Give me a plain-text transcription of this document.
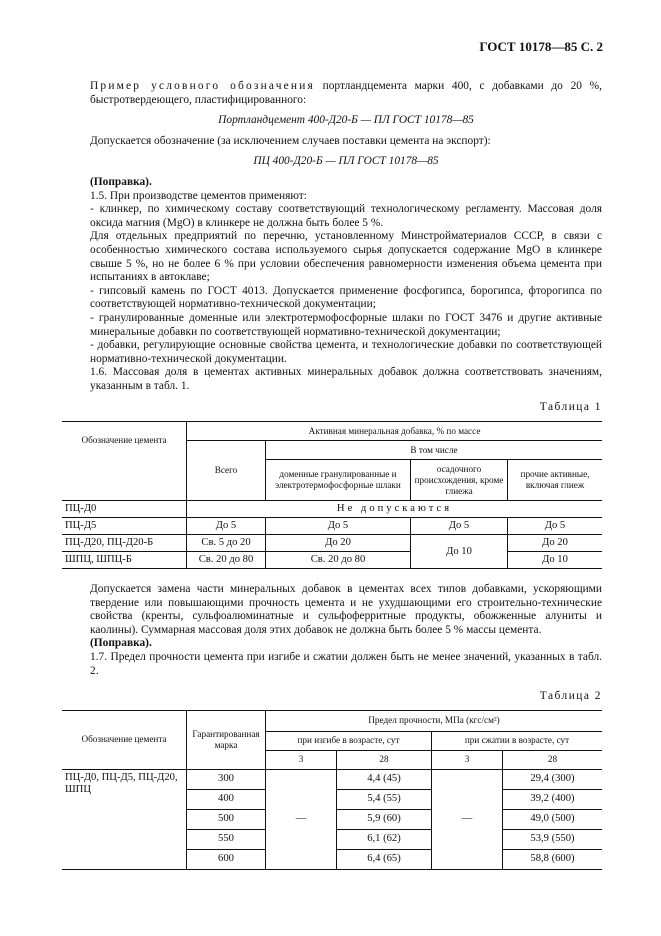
ГОСТ 10178—85 С. 2

Пример условного обозначения портландцемента марки 400, с добавками до 20 %, быстротвердеющего, пластифицированного:

Портландцемент 400-Д20-Б — ПЛ ГОСТ 10178—85

Допускается обозначение (за исключением случаев поставки цемента на экспорт):

ПЦ 400-Д20-Б — ПЛ ГОСТ 10178—85

(Поправка).

1.5. При производстве цементов применяют:

- клинкер, по химическому составу соответствующий технологическому регламенту. Массовая доля оксида магния (MgO) в клинкере не должна быть более 5 %.

Для отдельных предприятий по перечню, установленному Минстройматериалов СССР, в связи с особенностью химического состава используемого сырья допускается содержание MgO в клинкере свыше 5 %, но не более 6 % при условии обеспечения равномерности изменения объема цемента при испытаниях в автоклаве;

- гипсовый камень по ГОСТ 4013. Допускается применение фосфогипса, борогипса, фторогипса по соответствующей нормативно-технической документации;

- гранулированные доменные или электротермофосфорные шлаки по ГОСТ 3476 и другие активные минеральные добавки по соответствующей нормативно-технической документации;

- добавки, регулирующие основные свойства цемента, и технологические добавки по соответствующей нормативно-технической документации.

1.6. Массовая доля в цементах активных минеральных добавок должна соответствовать значениям, указанным в табл. 1.

Таблица 1
Обозначение цемента	Активная минеральная добавка, % по массе			
	Всего	В том числе		
		доменные гранулированные и электротермофосфорные шлаки	осадочного происхождения, кроме глиежа	прочие активные, включая глиеж
ПЦ-Д0	Не допускаются			
ПЦ-Д5	До 5	До 5	До 5	До 5
ПЦ-Д20, ПЦ-Д20-Б	Св. 5 до 20	До 20	До 10	До 20
ШПЦ, ШПЦ-Б	Св. 20 до 80	Св. 20 до 80		До 10

Допускается замена части минеральных добавок в цементах всех типов добавками, ускоряющими твердение или повышающими прочность цемента и не ухудшающими его строительно-технические свойства (кренты, сульфоалюминатные и сульфоферритные продукты, обожженные алуниты и каолины). Суммарная массовая доля этих добавок не должна быть более 5 % массы цемента.

(Поправка).

1.7. Предел прочности цемента при изгибе и сжатии должен быть не менее значений, указанных в табл. 2.

Таблица 2
Обозначение цемента	Гарантированная марка	Предел прочности, МПа (кгс/см²)			
		при изгибе в возрасте, сут		при сжатии в возрасте, сут	
		3	28	3	28
ПЦ-Д0, ПЦ-Д5, ПЦ-Д20, ШПЦ	300	—	4,4 (45)	—	29,4 (300)
	400		5,4 (55)		39,2 (400)
	500		5,9 (60)		49,0 (500)
	550		6,1 (62)		53,9 (550)
	600		6,4 (65)		58,8 (600)
